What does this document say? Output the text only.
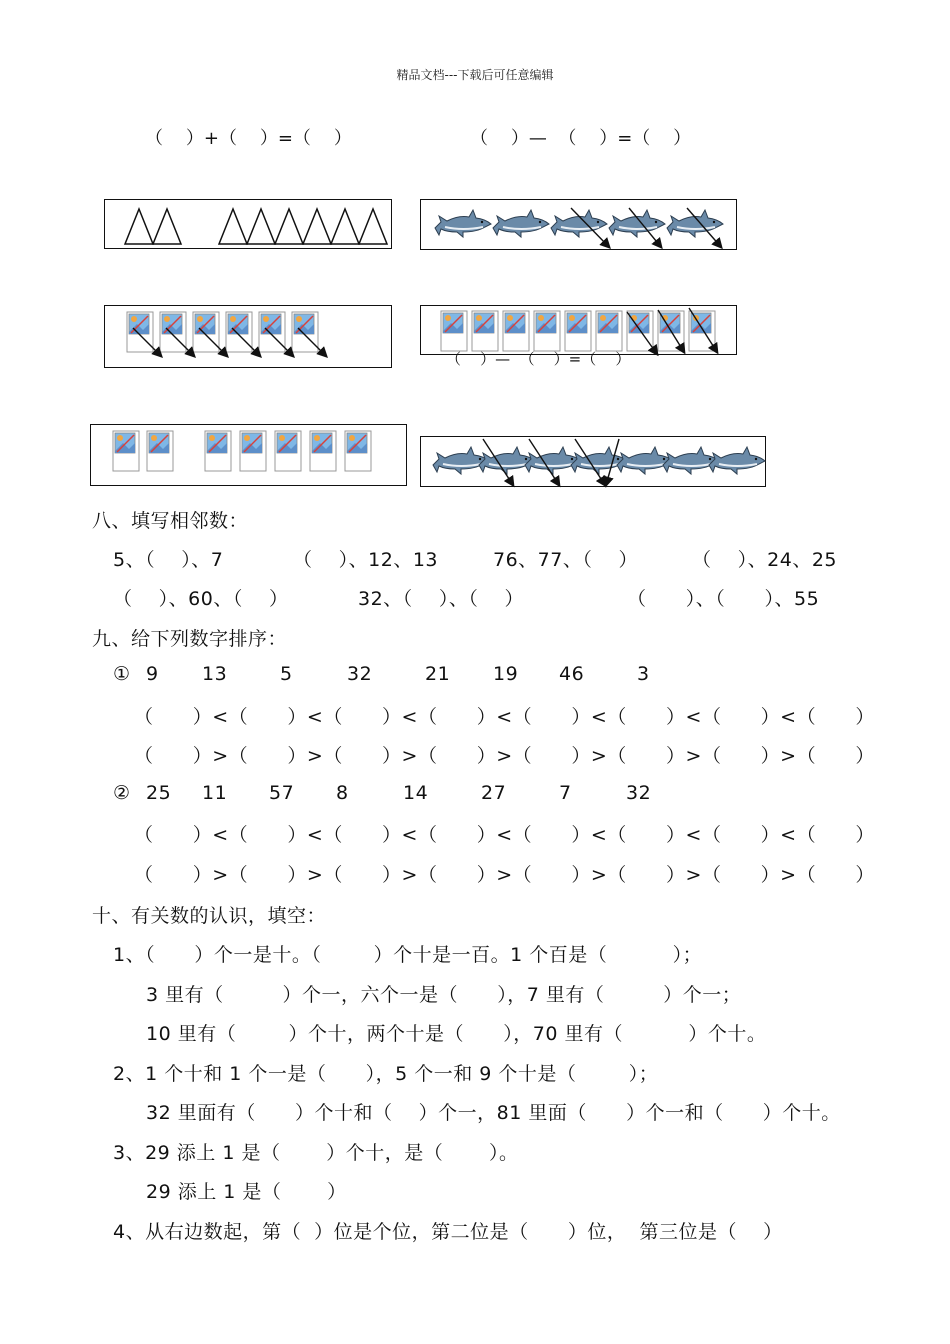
精品文档---下载后可任意编辑
（    ）+（    ）=（    ）	（    ）—  （    ）=（    ）
（    ）—  （    ）=（    ）
八、填写相邻数：
5、（    ）、7	（    ）、12、13	76、77、（    ）	（    ）、24、25
（    ）、60、（    ）	32、（    ）、（    ）	（      ）、（      ）、55
九、给下列数字排序：
① 9 13	5	32	21 19 46	3
（      ）<（      ）<（      ）<（      ）<（      ）<（      ）<（      ）<（      ）
（      ）>（      ）>（      ）>（      ）>（      ）>（      ）>（      ）>（      ）
② 25 11 57 8	14	27	7	32
（      ）<（      ）<（      ）<（      ）<（      ）<（      ）<（      ）<（      ）
（      ）>（      ）>（      ）>（      ）>（      ）>（      ）>（      ）>（      ）
十、有关数的认识，填空：
1、（      ）个一是十。（        ）个十是一百。1 个百是（          ）；
3 里有（         ）个一，六个一是（      ），7 里有（         ）个一；
10 里有（        ）个十，两个十是（      ），70 里有（          ）个十。
2、1 个十和 1 个一是（      ），5 个一和 9 个十是（        ）；
32 里面有（      ）个十和（    ）个一，81 里面（      ）个一和（      ）个十。
3、29 添上 1 是（       ）个十，是（       ）。
29 添上 1 是（       ）
4、从右边数起，第（  ）位是个位，第二位是（      ）位，  第三位是（    ）
